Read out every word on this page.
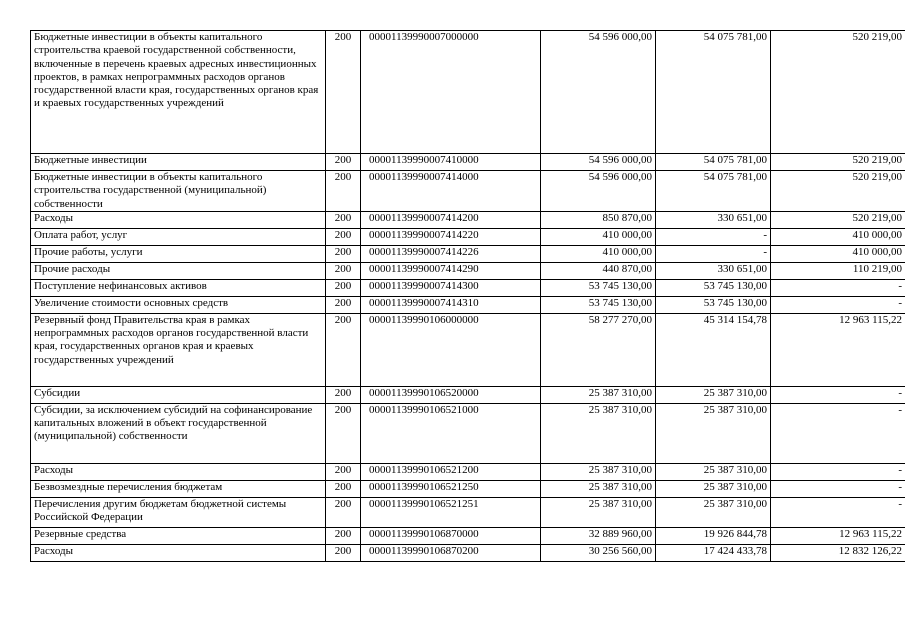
Бюджетные инвестиции в объекты капитального строительства краевой государственной собственности, включенные в перечень краевых адресных инвестиционных проектов, в рамках непрограммных расходов органов государственной власти края, государственных органов края и краевых государственных учреждений	200	00001139990007000000	54 596 000,00	54 075 781,00	520 219,00
Бюджетные инвестиции	200	00001139990007410000	54 596 000,00	54 075 781,00	520 219,00
Бюджетные инвестиции в объекты капитального строительства государственной (муниципальной) собственности	200	00001139990007414000	54 596 000,00	54 075 781,00	520 219,00
Расходы	200	00001139990007414200	850 870,00	330 651,00	520 219,00
Оплата работ, услуг	200	00001139990007414220	410 000,00	-	410 000,00
Прочие работы, услуги	200	00001139990007414226	410 000,00	-	410 000,00
Прочие расходы	200	00001139990007414290	440 870,00	330 651,00	110 219,00
Поступление нефинансовых активов	200	00001139990007414300	53 745 130,00	53 745 130,00	-
Увеличение стоимости основных средств	200	00001139990007414310	53 745 130,00	53 745 130,00	-
Резервный фонд Правительства края в рамках непрограммных расходов органов государственной власти края, государственных органов края и краевых государственных учреждений	200	00001139990106000000	58 277 270,00	45 314 154,78	12 963 115,22
Субсидии	200	00001139990106520000	25 387 310,00	25 387 310,00	-
Субсидии, за исключением субсидий на софинансирование капитальных вложений в объект государственной (муниципальной) собственности	200	00001139990106521000	25 387 310,00	25 387 310,00	-
Расходы	200	00001139990106521200	25 387 310,00	25 387 310,00	-
Безвозмездные перечисления бюджетам	200	00001139990106521250	25 387 310,00	25 387 310,00	-
Перечисления другим бюджетам бюджетной системы Российской Федерации	200	00001139990106521251	25 387 310,00	25 387 310,00	-
Резервные средства	200	00001139990106870000	32 889 960,00	19 926 844,78	12 963 115,22
Расходы	200	00001139990106870200	30 256 560,00	17 424 433,78	12 832 126,22
